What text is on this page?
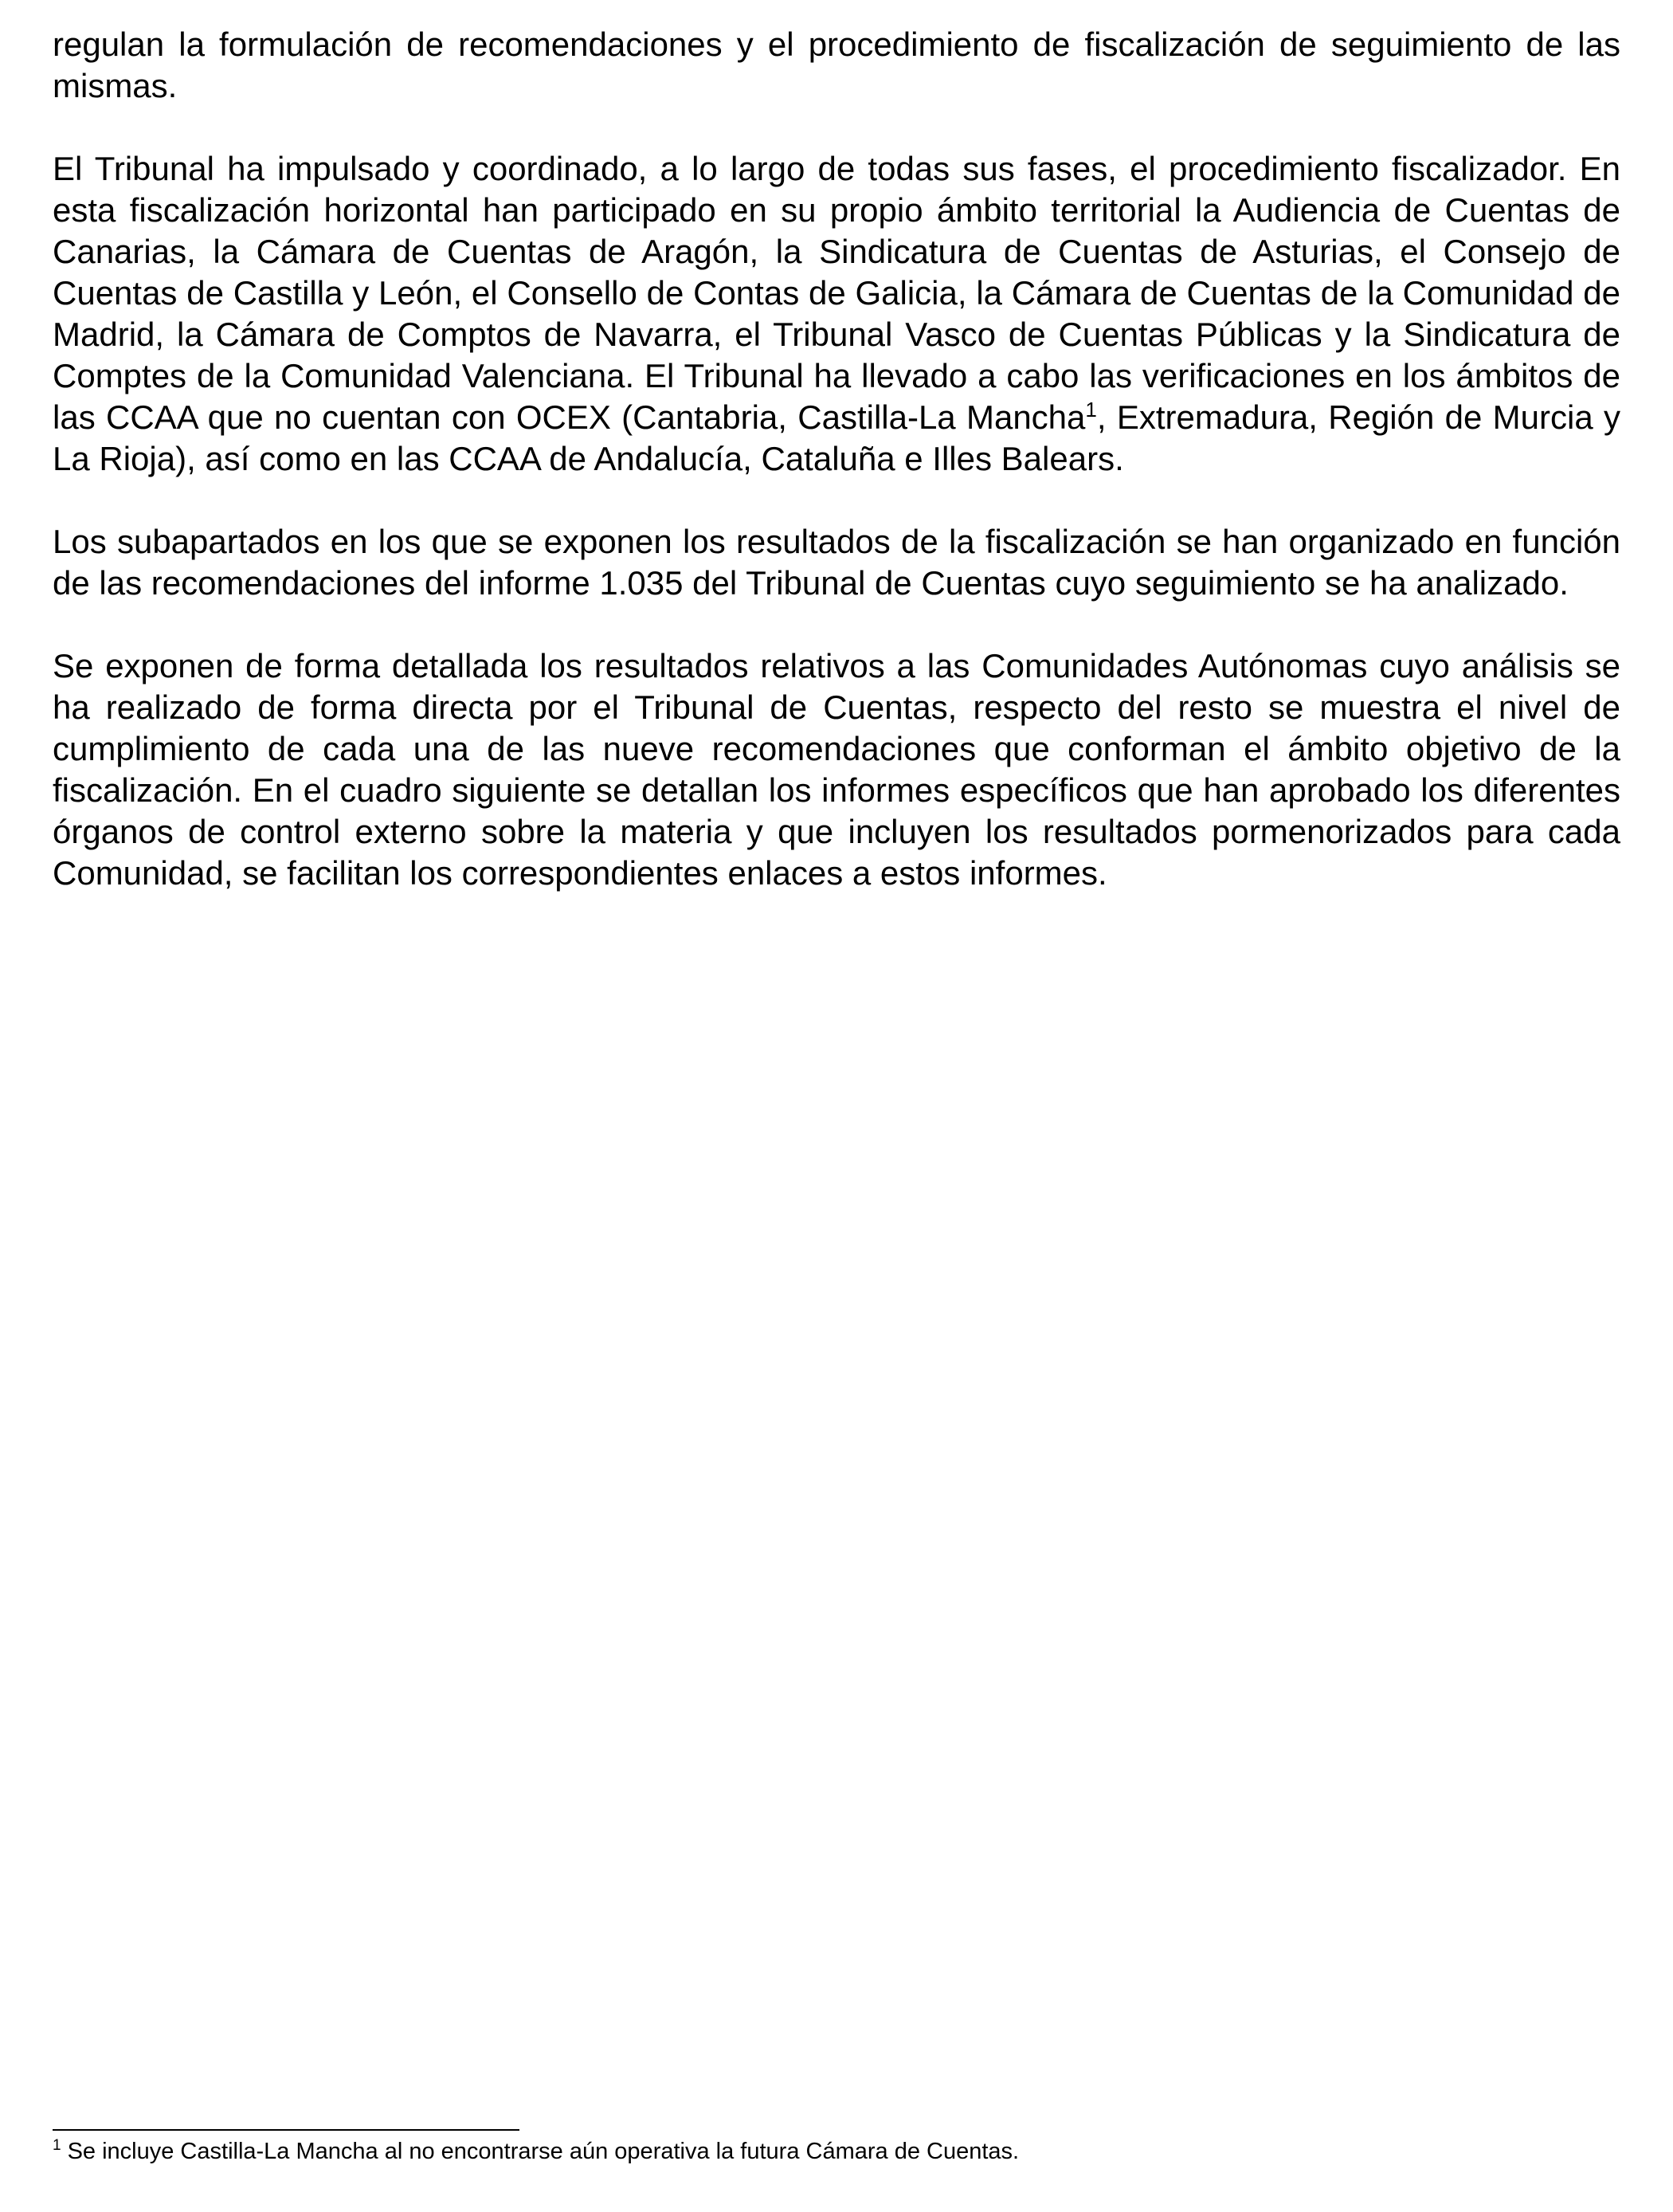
regulan la formulación de recomendaciones y el procedimiento de fiscalización de seguimiento de las mismas.

El Tribunal ha impulsado y coordinado, a lo largo de todas sus fases, el procedimiento fiscalizador. En esta fiscalización horizontal han participado en su propio ámbito territorial la Audiencia de Cuentas de Canarias, la Cámara de Cuentas de Aragón, la Sindicatura de Cuentas de Asturias, el Consejo de Cuentas de Castilla y León, el Consello de Contas de Galicia, la Cámara de Cuentas de la Comunidad de Madrid, la Cámara de Comptos de Navarra, el Tribunal Vasco de Cuentas Públicas y la Sindicatura de Comptes de la Comunidad Valenciana. El Tribunal ha llevado a cabo las verificaciones en los ámbitos de las CCAA que no cuentan con OCEX (Cantabria, Castilla-La Mancha$^1$, Extremadura, Región de Murcia y La Rioja), así como en las CCAA de Andalucía, Cataluña e Illes Balears.

Los subapartados en los que se exponen los resultados de la fiscalización se han organizado en función de las recomendaciones del informe 1.035 del Tribunal de Cuentas cuyo seguimiento se ha analizado.

Se exponen de forma detallada los resultados relativos a las Comunidades Autónomas cuyo análisis se ha realizado de forma directa por el Tribunal de Cuentas, respecto del resto se muestra el nivel de cumplimiento de cada una de las nueve recomendaciones que conforman el ámbito objetivo de la fiscalización. En el cuadro siguiente se detallan los informes específicos que han aprobado los diferentes órganos de control externo sobre la materia y que incluyen los resultados pormenorizados para cada Comunidad, se facilitan los correspondientes enlaces a estos informes.

$^1$ Se incluye Castilla-La Mancha al no encontrarse aún operativa la futura Cámara de Cuentas.
